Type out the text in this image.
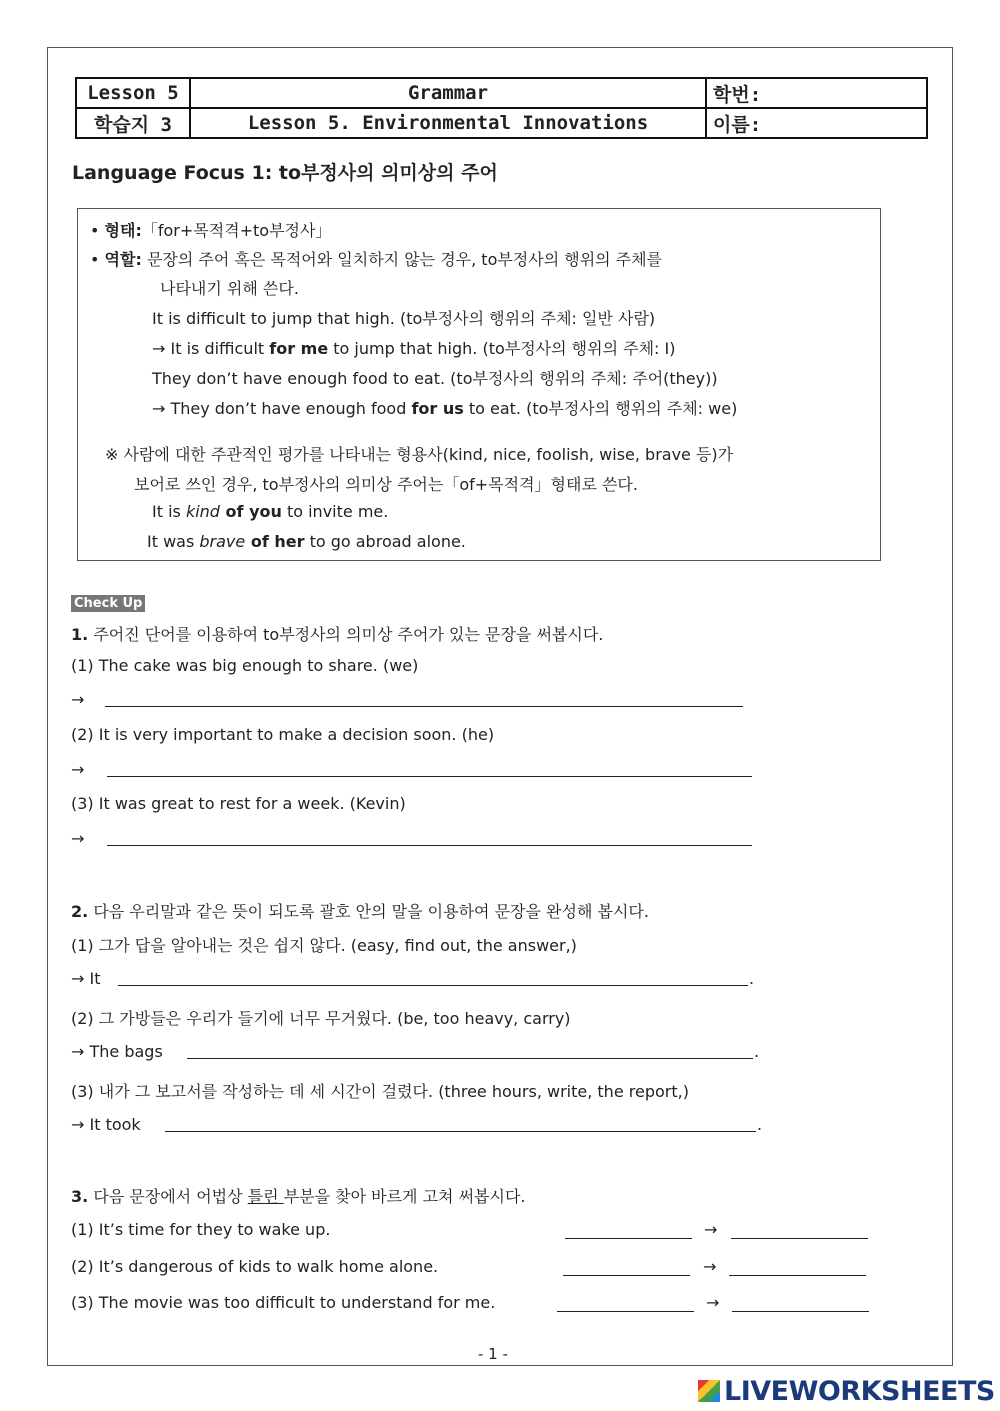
Lesson 5	Grammar	학번:
학습지 3	Lesson 5. Environmental Innovations	이름:
Language Focus 1: to부정사의 의미상의 주어
• 형태:「for+목적격+to부정사」
• 역할: 문장의 주어 혹은 목적어와 일치하지 않는 경우, to부정사의 행위의 주체를
나타내기 위해 쓴다.
It is difficult to jump that high. (to부정사의 행위의 주체: 일반 사람)
→ It is difficult for me to jump that high. (to부정사의 행위의 주체: I)
They don’t have enough food to eat. (to부정사의 행위의 주체: 주어(they))
→ They don’t have enough food for us to eat. (to부정사의 행위의 주체: we)
※ 사람에 대한 주관적인 평가를 나타내는 형용사(kind, nice, foolish, wise, brave 등)가
보어로 쓰인 경우, to부정사의 의미상 주어는「of+목적격」형태로 쓴다.
It is kind of you to invite me.
It was brave of her to go abroad alone.
Check Up
1. 주어진 단어를 이용하여 to부정사의 의미상 주어가 있는 문장을 써봅시다.
(1) The cake was big enough to share. (we)
→
(2) It is very important to make a decision soon. (he)
→
(3) It was great to rest for a week. (Kevin)
→
2. 다음 우리말과 같은 뜻이 되도록 괄호 안의 말을 이용하여 문장을 완성해 봅시다.
(1) 그가 답을 알아내는 것은 쉽지 않다. (easy, find out, the answer,)
→ It	.
(2) 그 가방들은 우리가 들기에 너무 무거웠다. (be, too heavy, carry)
→ The bags	.
(3) 내가 그 보고서를 작성하는 데 세 시간이 걸렸다. (three hours, write, the report,)
→ It took	.
3. 다음 문장에서 어법상 틀린 부분을 찾아 바르게 고쳐 써봅시다.
(1) It’s time for they to wake up.	→
(2) It’s dangerous of kids to walk home alone.	→
(3) The movie was too difficult to understand for me.	→
- 1 -
LIVEWORKSHEETS
